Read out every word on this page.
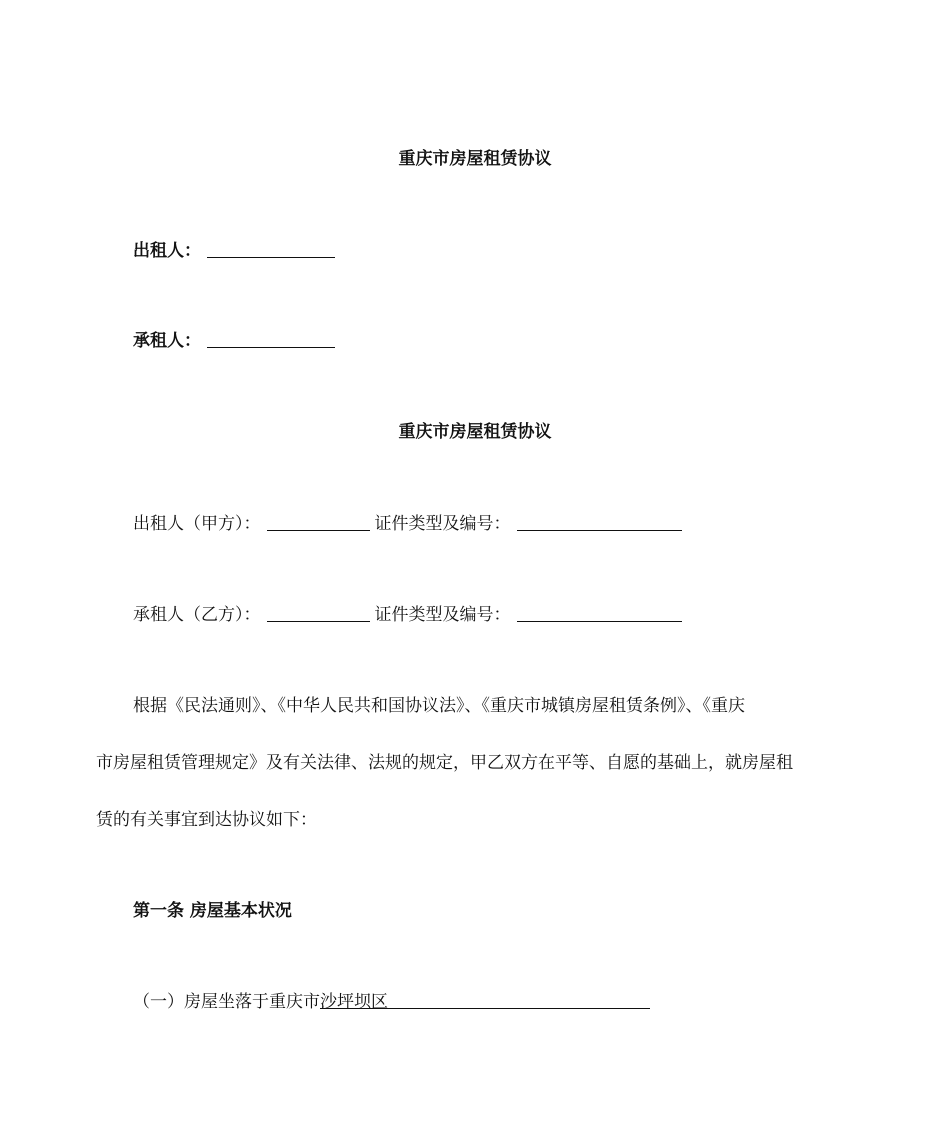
重庆市房屋租赁协议
出租人：
承租人：
重庆市房屋租赁协议
出租人（甲方）：	证件类型及编号：
承租人（乙方）：	证件类型及编号：
根据《民法通则》、《中华人民共和国协议法》、《重庆市城镇房屋租赁条例》、《重庆
市房屋租赁管理规定》及有关法律、法规的规定，甲乙双方在平等、自愿的基础上，就房屋租
赁的有关事宜到达协议如下：
第一条 房屋基本状况
（一）房屋坐落于重庆市沙坪坝区
